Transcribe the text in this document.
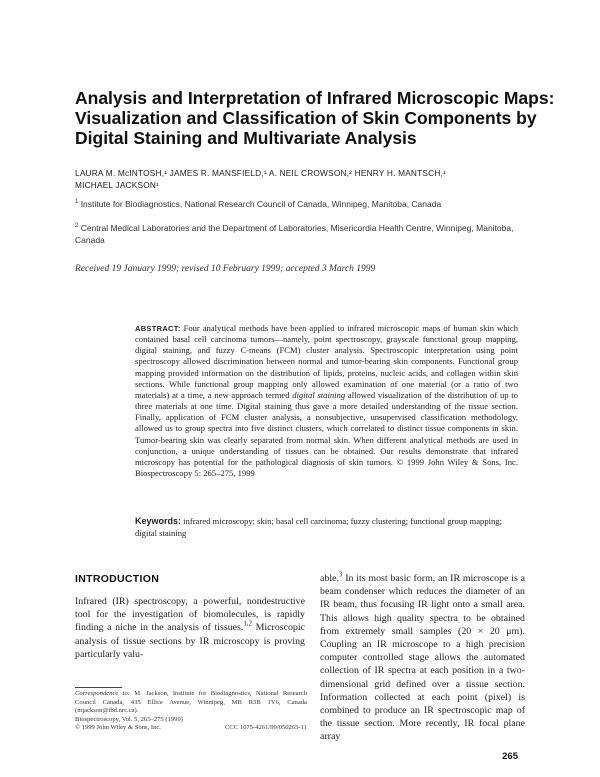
Analysis and Interpretation of Infrared Microscopic Maps: Visualization and Classification of Skin Components by Digital Staining and Multivariate Analysis
LAURA M. McINTOSH,¹ JAMES R. MANSFIELD,¹ A. NEIL CROWSON,² HENRY H. MANTSCH,¹
MICHAEL JACKSON¹
$^1$ Institute for Biodiagnostics, National Research Council of Canada, Winnipeg, Manitoba, Canada
$^2$ Central Medical Laboratories and the Department of Laboratories, Misericordia Health Centre, Winnipeg, Manitoba, Canada
Received 19 January 1999; revised 10 February 1999; accepted 3 March 1999
ABSTRACT: Four analytical methods have been applied to infrared microscopic maps of human skin which contained basal cell carcinoma tumors—namely, point spectroscopy, grayscale functional group mapping, digital staining, and fuzzy C-means (FCM) cluster analysis. Spectroscopic interpretation using point spectroscopy allowed discrimination between normal and tumor-bearing skin components. Functional group mapping provided information on the distribution of lipids, proteins, nucleic acids, and collagen within skin sections. While functional group mapping only allowed examination of one material (or a ratio of two materials) at a time, a new approach termed digital staining allowed visualization of the distribution of up to three materials at one time. Digital staining thus gave a more detailed understanding of the tissue section. Finally, application of FCM cluster analysis, a nonsubjective, unsupervised classification methodology, allowed us to group spectra into five distinct clusters, which correlated to distinct tissue components in skin. Tumor-bearing skin was clearly separated from normal skin. When different analytical methods are used in conjunction, a unique understanding of tissues can be obtained. Our results demonstrate that infrared microscopy has potential for the pathological diagnosis of skin tumors. © 1999 John Wiley & Sons, Inc. Biospectroscopy 5: 265–275, 1999
Keywords: infrared microscopy; skin; basal cell carcinoma; fuzzy clustering; functional group mapping; digital staining
INTRODUCTION
Infrared (IR) spectroscopy, a powerful, nondestructive tool for the investigation of biomolecules, is rapidly finding a niche in the analysis of tissues.$^{1,2}$ Microscopic analysis of tissue sections by IR microscopy is proving particularly valu-
able.$^3$ In its most basic form, an IR microscope is a beam condenser which reduces the diameter of an IR beam, thus focusing IR light onto a small area. This allows high quality spectra to be obtained from extremely small samples (20 × 20 μm). Coupling an IR microscope to a high precision computer controlled stage allows the automated collection of IR spectra at each position in a two-dimensional grid defined over a tissue section. Information collected at each point (pixel) is combined to produce an IR spectroscopic map of the tissue section. More recently, IR focal plane array
Correspondence to: M. Jackson, Institute for Biodiagnostics, National Research Council Canada, 435 Ellice Avenue, Winnipeg, MB R3B 1Y6, Canada (mjackson@ibd.nrc.ca).
Biospectroscopy, Vol. 5, 265–275 (1999)
© 1999 John Wiley & Sons, Inc.	CCC 1075-4261/99/050265-11
265
